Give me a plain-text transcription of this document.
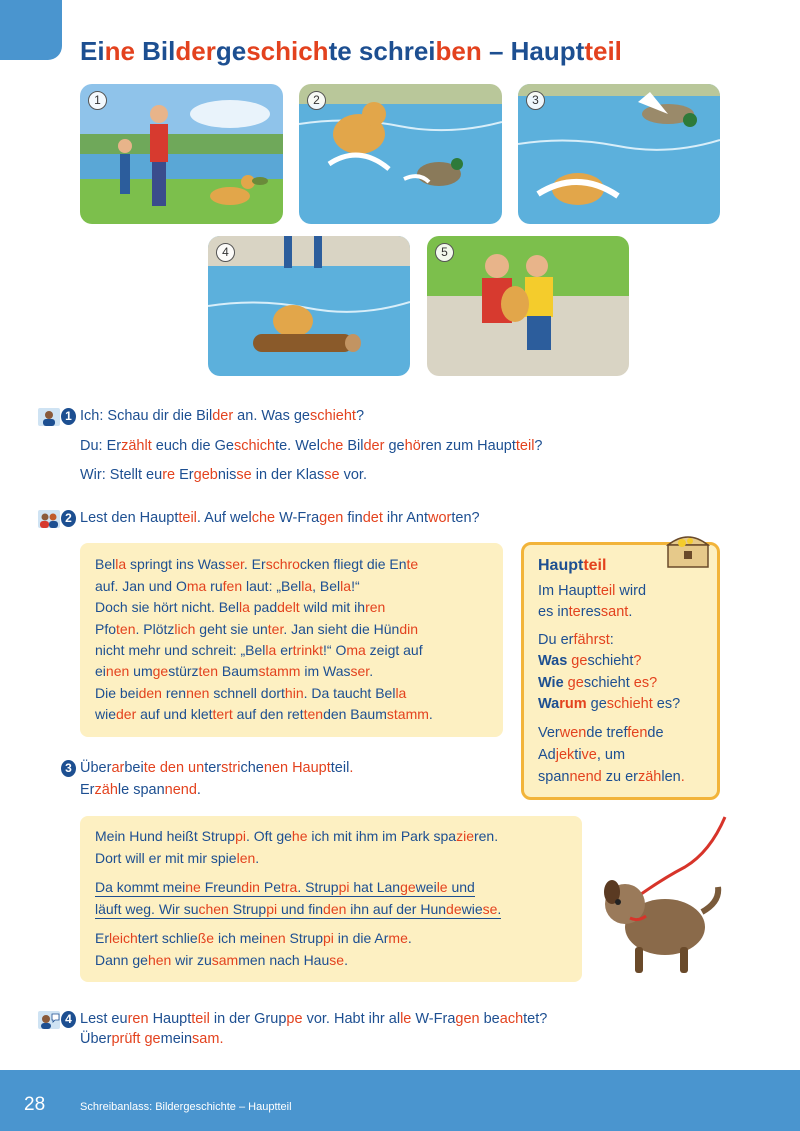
Eine Bildergeschichte schreiben – Hauptteil
1	2	3
4	5
1 Ich: Schau dir die Bilder an. Was geschieht?
Du: Erzählt euch die Geschichte. Welche Bilder gehören zum Hauptteil?
Wir: Stellt eure Ergebnisse in der Klasse vor.
2 Lest den Hauptteil. Auf welche W-Fragen findet ihr Antworten?
Bella springt ins Wasser. Erschrocken fliegt die Ente
auf. Jan und Oma rufen laut: „Bella, Bella!“
Doch sie hört nicht. Bella paddelt wild mit ihren
Pfoten. Plötzlich geht sie unter. Jan sieht die Hündin
nicht mehr und schreit: „Bella ertrinkt!“ Oma zeigt auf
einen umgestürzten Baumstamm im Wasser.
Die beiden rennen schnell dorthin. Da taucht Bella
wieder auf und klettert auf den rettenden Baumstamm.
Hauptteil
Im Hauptteil wird
es interessant.
Du erfährst:
Was geschieht?
Wie geschieht es?
Warum geschieht es?
Verwende treffende
Adjektive, um
spannend zu erzählen.
3 Überarbeite den unterstrichenen Hauptteil.
Erzähle spannend.
Mein Hund heißt Struppi. Oft gehe ich mit ihm im Park spazieren.
Dort will er mit mir spielen.
Da kommt meine Freundin Petra. Struppi hat Langeweile und
läuft weg. Wir suchen Struppi und finden ihn auf der Hundewiese.
Erleichtert schließe ich meinen Struppi in die Arme.
Dann gehen wir zusammen nach Hause.
4 Lest euren Hauptteil in der Gruppe vor. Habt ihr alle W-Fragen beachtet?
Überprüft gemeinsam.
28	Schreibanlass: Bildergeschichte – Hauptteil
